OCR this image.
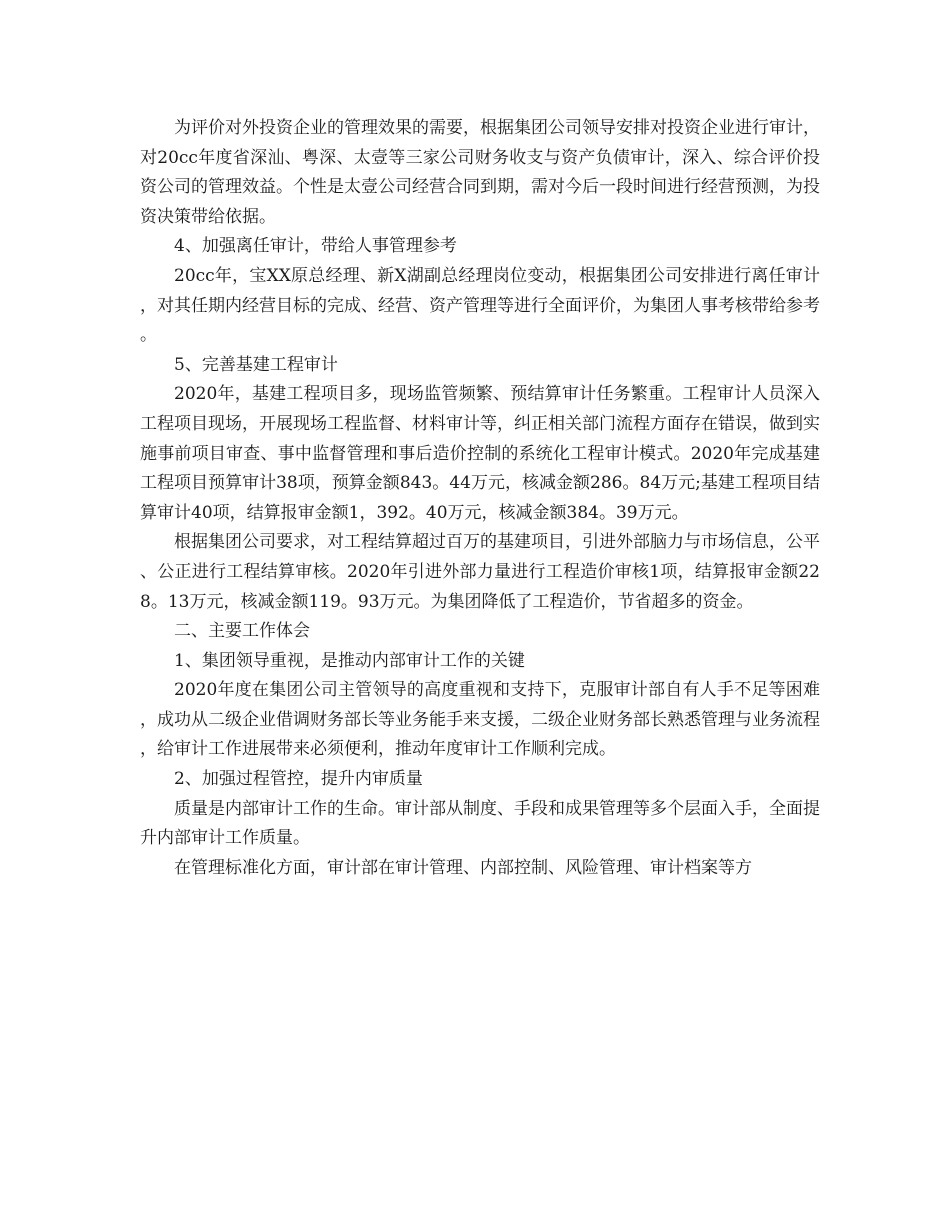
为评价对外投资企业的管理效果的需要，根据集团公司领导安排对投资企业进行审计，对20cc年度省深汕、粤深、太壹等三家公司财务收支与资产负债审计，深入、综合评价投资公司的管理效益。个性是太壹公司经营合同到期，需对今后一段时间进行经营预测，为投资决策带给依据。

4、加强离任审计，带给人事管理参考

20cc年，宝XX原总经理、新X湖副总经理岗位变动，根据集团公司安排进行离任审计，对其任期内经营目标的完成、经营、资产管理等进行全面评价，为集团人事考核带给参考。

5、完善基建工程审计

2020年，基建工程项目多，现场监管频繁、预结算审计任务繁重。工程审计人员深入工程项目现场，开展现场工程监督、材料审计等，纠正相关部门流程方面存在错误，做到实施事前项目审查、事中监督管理和事后造价控制的系统化工程审计模式。2020年完成基建工程项目预算审计38项，预算金额843。44万元，核减金额286。84万元;基建工程项目结算审计40项，结算报审金额1，392。40万元，核减金额384。39万元。

根据集团公司要求，对工程结算超过百万的基建项目，引进外部脑力与市场信息，公平、公正进行工程结算审核。2020年引进外部力量进行工程造价审核1项，结算报审金额228。13万元，核减金额119。93万元。为集团降低了工程造价，节省超多的资金。

二、主要工作体会

1、集团领导重视，是推动内部审计工作的关键

2020年度在集团公司主管领导的高度重视和支持下，克服审计部自有人手不足等困难，成功从二级企业借调财务部长等业务能手来支援，二级企业财务部长熟悉管理与业务流程，给审计工作进展带来必须便利，推动年度审计工作顺利完成。

2、加强过程管控，提升内审质量

质量是内部审计工作的生命。审计部从制度、手段和成果管理等多个层面入手，全面提升内部审计工作质量。

在管理标准化方面，审计部在审计管理、内部控制、风险管理、审计档案等方
